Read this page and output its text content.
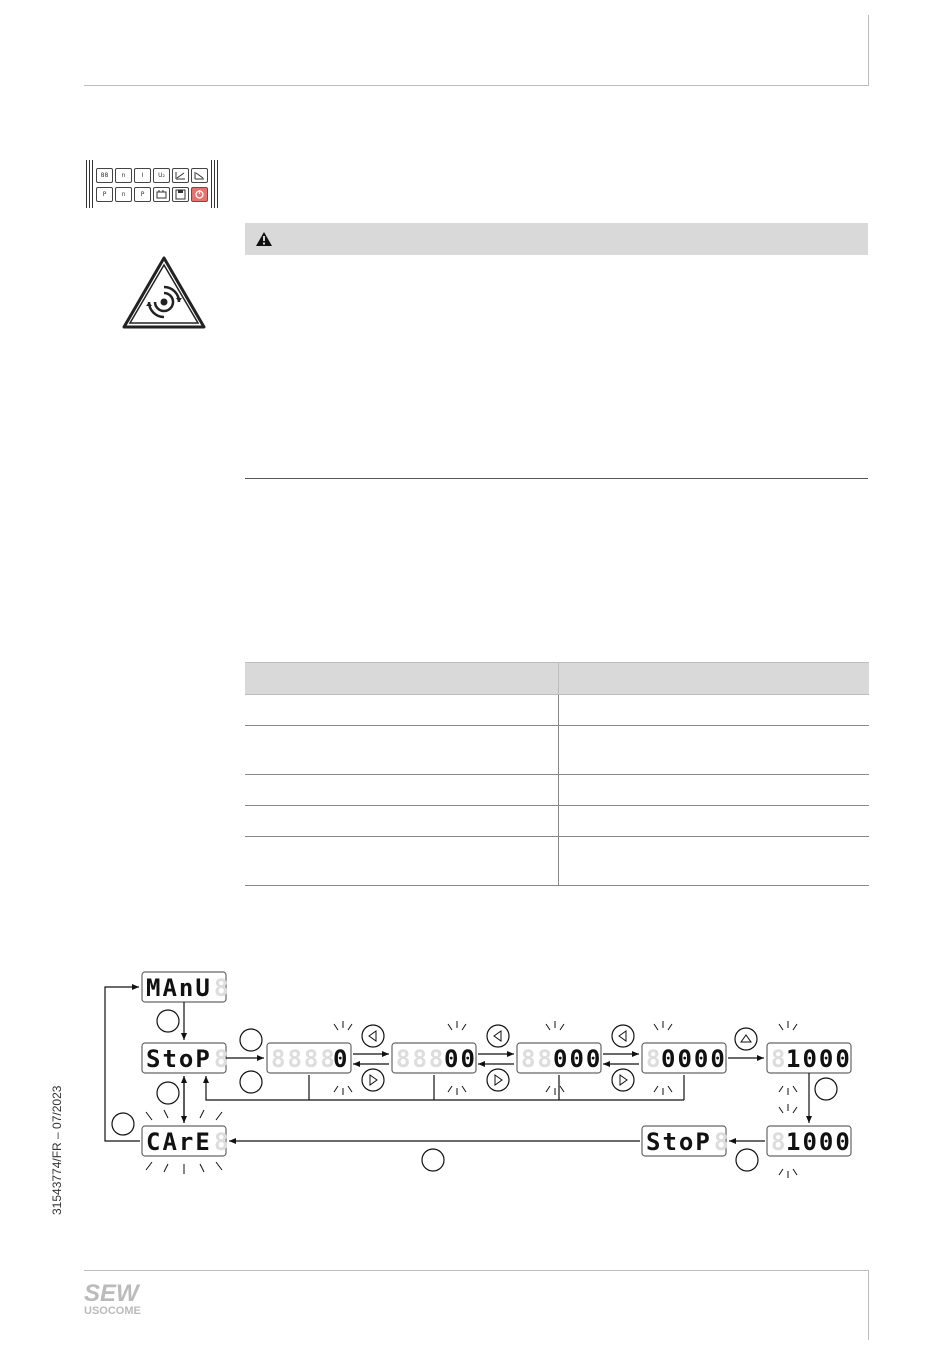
88	n	I	U₂
P	n	P

MAnU
StoP
CArE
0	00	000 0000 1000
1000
StoP
8
8
8
8888 888	88	8	8
8
8
31543774/FR – 07/2023
SEW
USOCOME
